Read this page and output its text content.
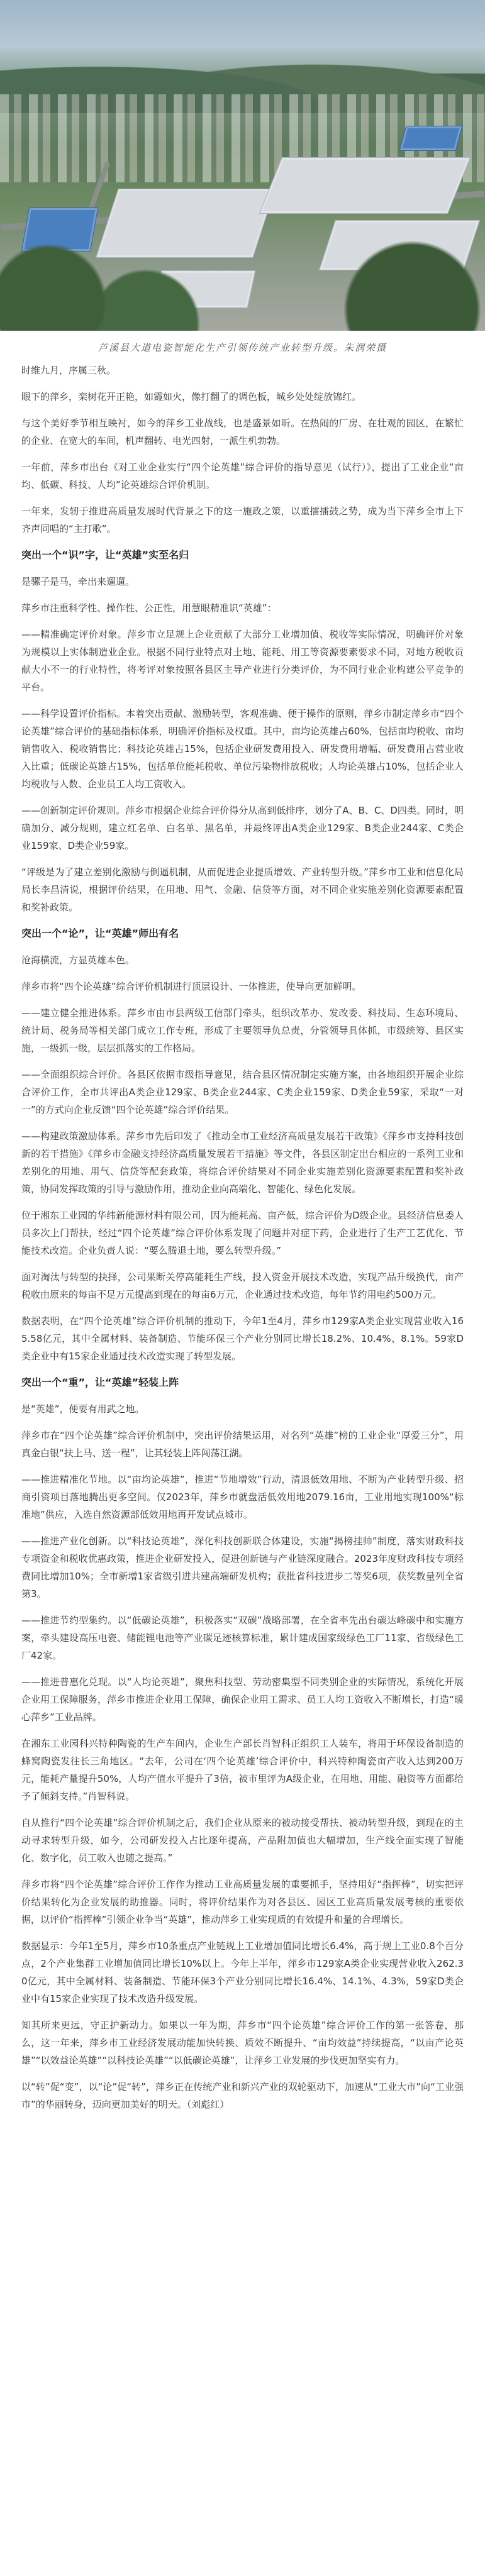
芦溪县大道电瓷智能化生产引领传统产业转型升级。朱润荣摄

时维九月，序属三秋。

眼下的萍乡，栾树花开正艳，如霞如火，像打翻了的调色板，城乡处处绽放锦红。

与这个美好季节相互映衬，如今的萍乡工业战线，也是盛景如昕。在热闹的厂房、在壮观的园区，在繁忙的企业、在宽大的车间，机声翻转、电光四射，一派生机勃勃。

一年前，萍乡市出台《对工业企业实行“四个论英雄”综合评价的指导意见（试行）》，提出了工业企业“亩均、低碳、科技、人均”论英雄综合评价机制。

一年来，发轫于推进高质量发展时代背景之下的这一施政之策，以重擂擂鼓之势，成为当下萍乡全市上下齐声同唱的“主打歌”。

突出一个“识”字，让“英雄”实至名归

是骡子是马，牵出来遛遛。

萍乡市注重科学性、操作性、公正性，用慧眼精准识“英雄”：

——精准确定评价对象。萍乡市立足规上企业贡献了大部分工业增加值、税收等实际情况，明确评价对象为规模以上实体制造业企业。根据不同行业特点对土地、能耗、用工等资源要素要求不同，对地方税收贡献大小不一的行业特性，将考评对象按照各县区主导产业进行分类评价，为不同行业企业构建公平竞争的平台。

——科学设置评价指标。本着突出贡献、激励转型，客观准确、便于操作的原则，萍乡市制定萍乡市“四个论英雄”综合评价的基础指标体系，明确评价指标及权重。其中，亩均论英雄占60%，包括亩均税收、亩均销售收入、税收销售比；科技论英雄占15%，包括企业研发费用投入、研发费用增幅、研发费用占营业收入比重；低碳论英雄占15%，包括单位能耗税收、单位污染物排放税收；人均论英雄占10%，包括企业人均税收与人数、企业员工人均工资收入。

——创新制定评价规则。萍乡市根据企业综合评价得分从高到低排序，划分了A、B、C、D四类。同时，明确加分、减分规则，建立红名单、白名单、黑名单，并最终评出A类企业129家、B类企业244家、C类企业159家、D类企业59家。

“评级是为了建立差别化激励与倒逼机制，从而促进企业提质增效、产业转型升级。”萍乡市工业和信息化局局长李昌清说，根据评价结果，在用地、用气、金融、信贷等方面，对不同企业实施差别化资源要素配置和奖补政策。

突出一个“论”，让“英雄”师出有名

沧海横流，方显英雄本色。

萍乡市将“四个论英雄”综合评价机制进行顶层设计、一体推进，使导向更加鲜明。

——建立健全推进体系。萍乡市由市县两级工信部门牵头，组织改革办、发改委、科技局、生态环境局、统计局、税务局等相关部门成立工作专班，形成了主要领导负总责，分管领导具体抓，市级统筹、县区实施，一级抓一级，层层抓落实的工作格局。

——全面组织综合评价。各县区依据市级指导意见，结合县区情况制定实施方案，由各地组织开展企业综合评价工作，全市共评出A类企业129家、B类企业244家、C类企业159家、D类企业59家，采取“一对一”的方式向企业反馈“四个论英雄”综合评价结果。

——构建政策激励体系。萍乡市先后印发了《推动全市工业经济高质量发展若干政策》《萍乡市支持科技创新的若干措施》《萍乡市金融支持经济高质量发展若干措施》等文件，各县区制定出台相应的一系列工业和差别化的用地、用气、信贷等配套政策，将综合评价结果对不同企业实施差别化资源要素配置和奖补政策，协同发挥政策的引导与激励作用，推动企业向高端化、智能化、绿色化发展。

位于湘东工业园的华纬新能源材料有限公司，因为能耗高、亩产低，综合评价为D级企业。县经济信息委人员多次上门帮扶，经过“四个论英雄”综合评价体系发现了问题并对症下药，企业进行了生产工艺优化、节能技术改造。企业负责人说：“要么腾退土地，要么转型升级。”

面对淘汰与转型的抉择，公司果断关停高能耗生产线，投入资金开展技术改造，实现产品升级换代，亩产税收由原来的每亩不足万元提高到现在的每亩6万元，企业通过技术改造，每年节约用电约500万元。

数据表明，在“四个论英雄”综合评价机制的推动下，今年1至4月，萍乡市129家A类企业实现营业收入165.58亿元，其中全属材料、装备制造、节能环保三个产业分别同比增长18.2%、10.4%、8.1%。59家D类企业中有15家企业通过技术改造实现了转型发展。

突出一个“重”，让“英雄”轻装上阵

是“英雄”，便要有用武之地。

萍乡市在“四个论英雄”综合评价机制中，突出评价结果运用，对名列“英雄”榜的工业企业“厚爱三分”，用真金白银“扶上马、送一程”，让其轻装上阵闯荡江湖。

——推进精准化节地。以“亩均论英雄”，推进“节地增效”行动，清退低效用地、不断为产业转型升级、招商引资项目落地腾出更多空间。仅2023年，萍乡市就盘活低效用地2079.16亩，工业用地实现100%“标准地”供应，入选自然资源部低效用地再开发试点城市。

——推进产业化创新。以“科技论英雄”，深化科技创新联合体建设，实施“揭榜挂帅”制度，落实财政科技专项资金和税收优惠政策，推进企业研发投入，促进创新链与产业链深度融合。2023年度财政科技专项经费同比增加10%；全市新增1家省级引进共建高端研发机构；获批省科技进步二等奖6项，获奖数量列全省第3。

——推进节约型集约。以“低碳论英雄”，积极落实“双碳”战略部署，在全省率先出台碳达峰碳中和实施方案，牵头建设高压电瓷、储能锂电池等产业碳足迹核算标准，累计建成国家级绿色工厂11家、省级绿色工厂42家。

——推进普惠化兑现。以“人均论英雄”，聚焦科技型、劳动密集型不同类别企业的实际情况，系统化开展企业用工保障服务，萍乡市推进企业用工保障，确保企业用工需求、员工人均工资收入不断增长，打造“暖心萍乡”工业品牌。

在湘东工业园科兴特种陶瓷的生产车间内，企业生产部长肖智科正组织工人装车，将用于环保设备制造的蜂窝陶瓷发往长三角地区。“去年，公司在‘四个论英雄’综合评价中，科兴特种陶瓷亩产收入达到200万元，能耗产量提升50%，人均产值水平提升了3倍，被市里评为A级企业，在用地、用能、融资等方面都给予了倾斜支持。”肖智科说。

自从推行“四个论英雄”综合评价机制之后，我们企业从原来的被动接受帮扶、被动转型升级，到现在的主动寻求转型升级，如今，公司研发投入占比逐年提高，产品附加值也大幅增加，生产线全面实现了智能化、数字化，员工收入也随之提高。”

萍乡市将“四个论英雄”综合评价工作作为推动工业高质量发展的重要抓手，坚持用好“指挥棒”，切实把评价结果转化为企业发展的助推器。同时，将评价结果作为对各县区、园区工业高质量发展考核的重要依据，以评价“指挥棒”引领企业争当“英雄”，推动萍乡工业实现质的有效提升和量的合理增长。

数据显示：今年1至5月，萍乡市10条重点产业链规上工业增加值同比增长6.4%，高于规上工业0.8个百分点，2个产业集群工业增加值同比增长10%以上。今年上半年，萍乡市129家A类企业实现营业收入262.30亿元，其中全属材料、装备制造、节能环保3个产业分别同比增长16.4%、14.1%、4.3%，59家D类企业中有15家企业实现了技术改造升级发展。

知其所来更远，守正护新动力。如果以一年为期，萍乡市“四个论英雄”综合评价工作的第一张答卷，那么，这一年来，萍乡市工业经济发展动能加快转换、质效不断提升、“亩均效益”持续提高，“以亩产论英雄”“以效益论英雄”“以科技论英雄”“以低碳论英雄”，让萍乡工业发展的步伐更加坚实有力。

以“转”促“变”，以“论”促“转”，萍乡正在传统产业和新兴产业的双轮驱动下，加速从“工业大市”向“工业强市”的华丽转身，迈向更加美好的明天。（刘彪红）
